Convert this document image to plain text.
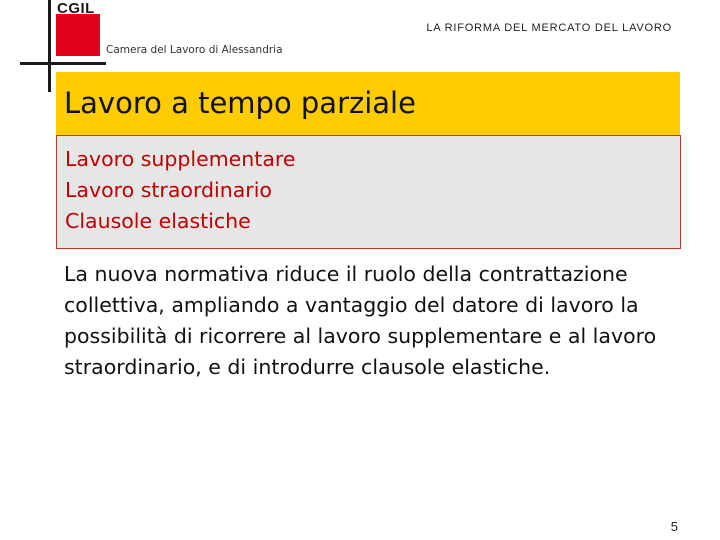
CGIL
LA RIFORMA DEL MERCATO DEL LAVORO
Camera del Lavoro di Alessandria
Lavoro a tempo parziale
Lavoro supplementare
Lavoro straordinario
Clausole elastiche
La nuova normativa riduce il ruolo della contrattazione collettiva, ampliando a vantaggio del datore di lavoro la possibilità di ricorrere al lavoro supplementare e al lavoro straordinario, e di introdurre clausole elastiche.
5
